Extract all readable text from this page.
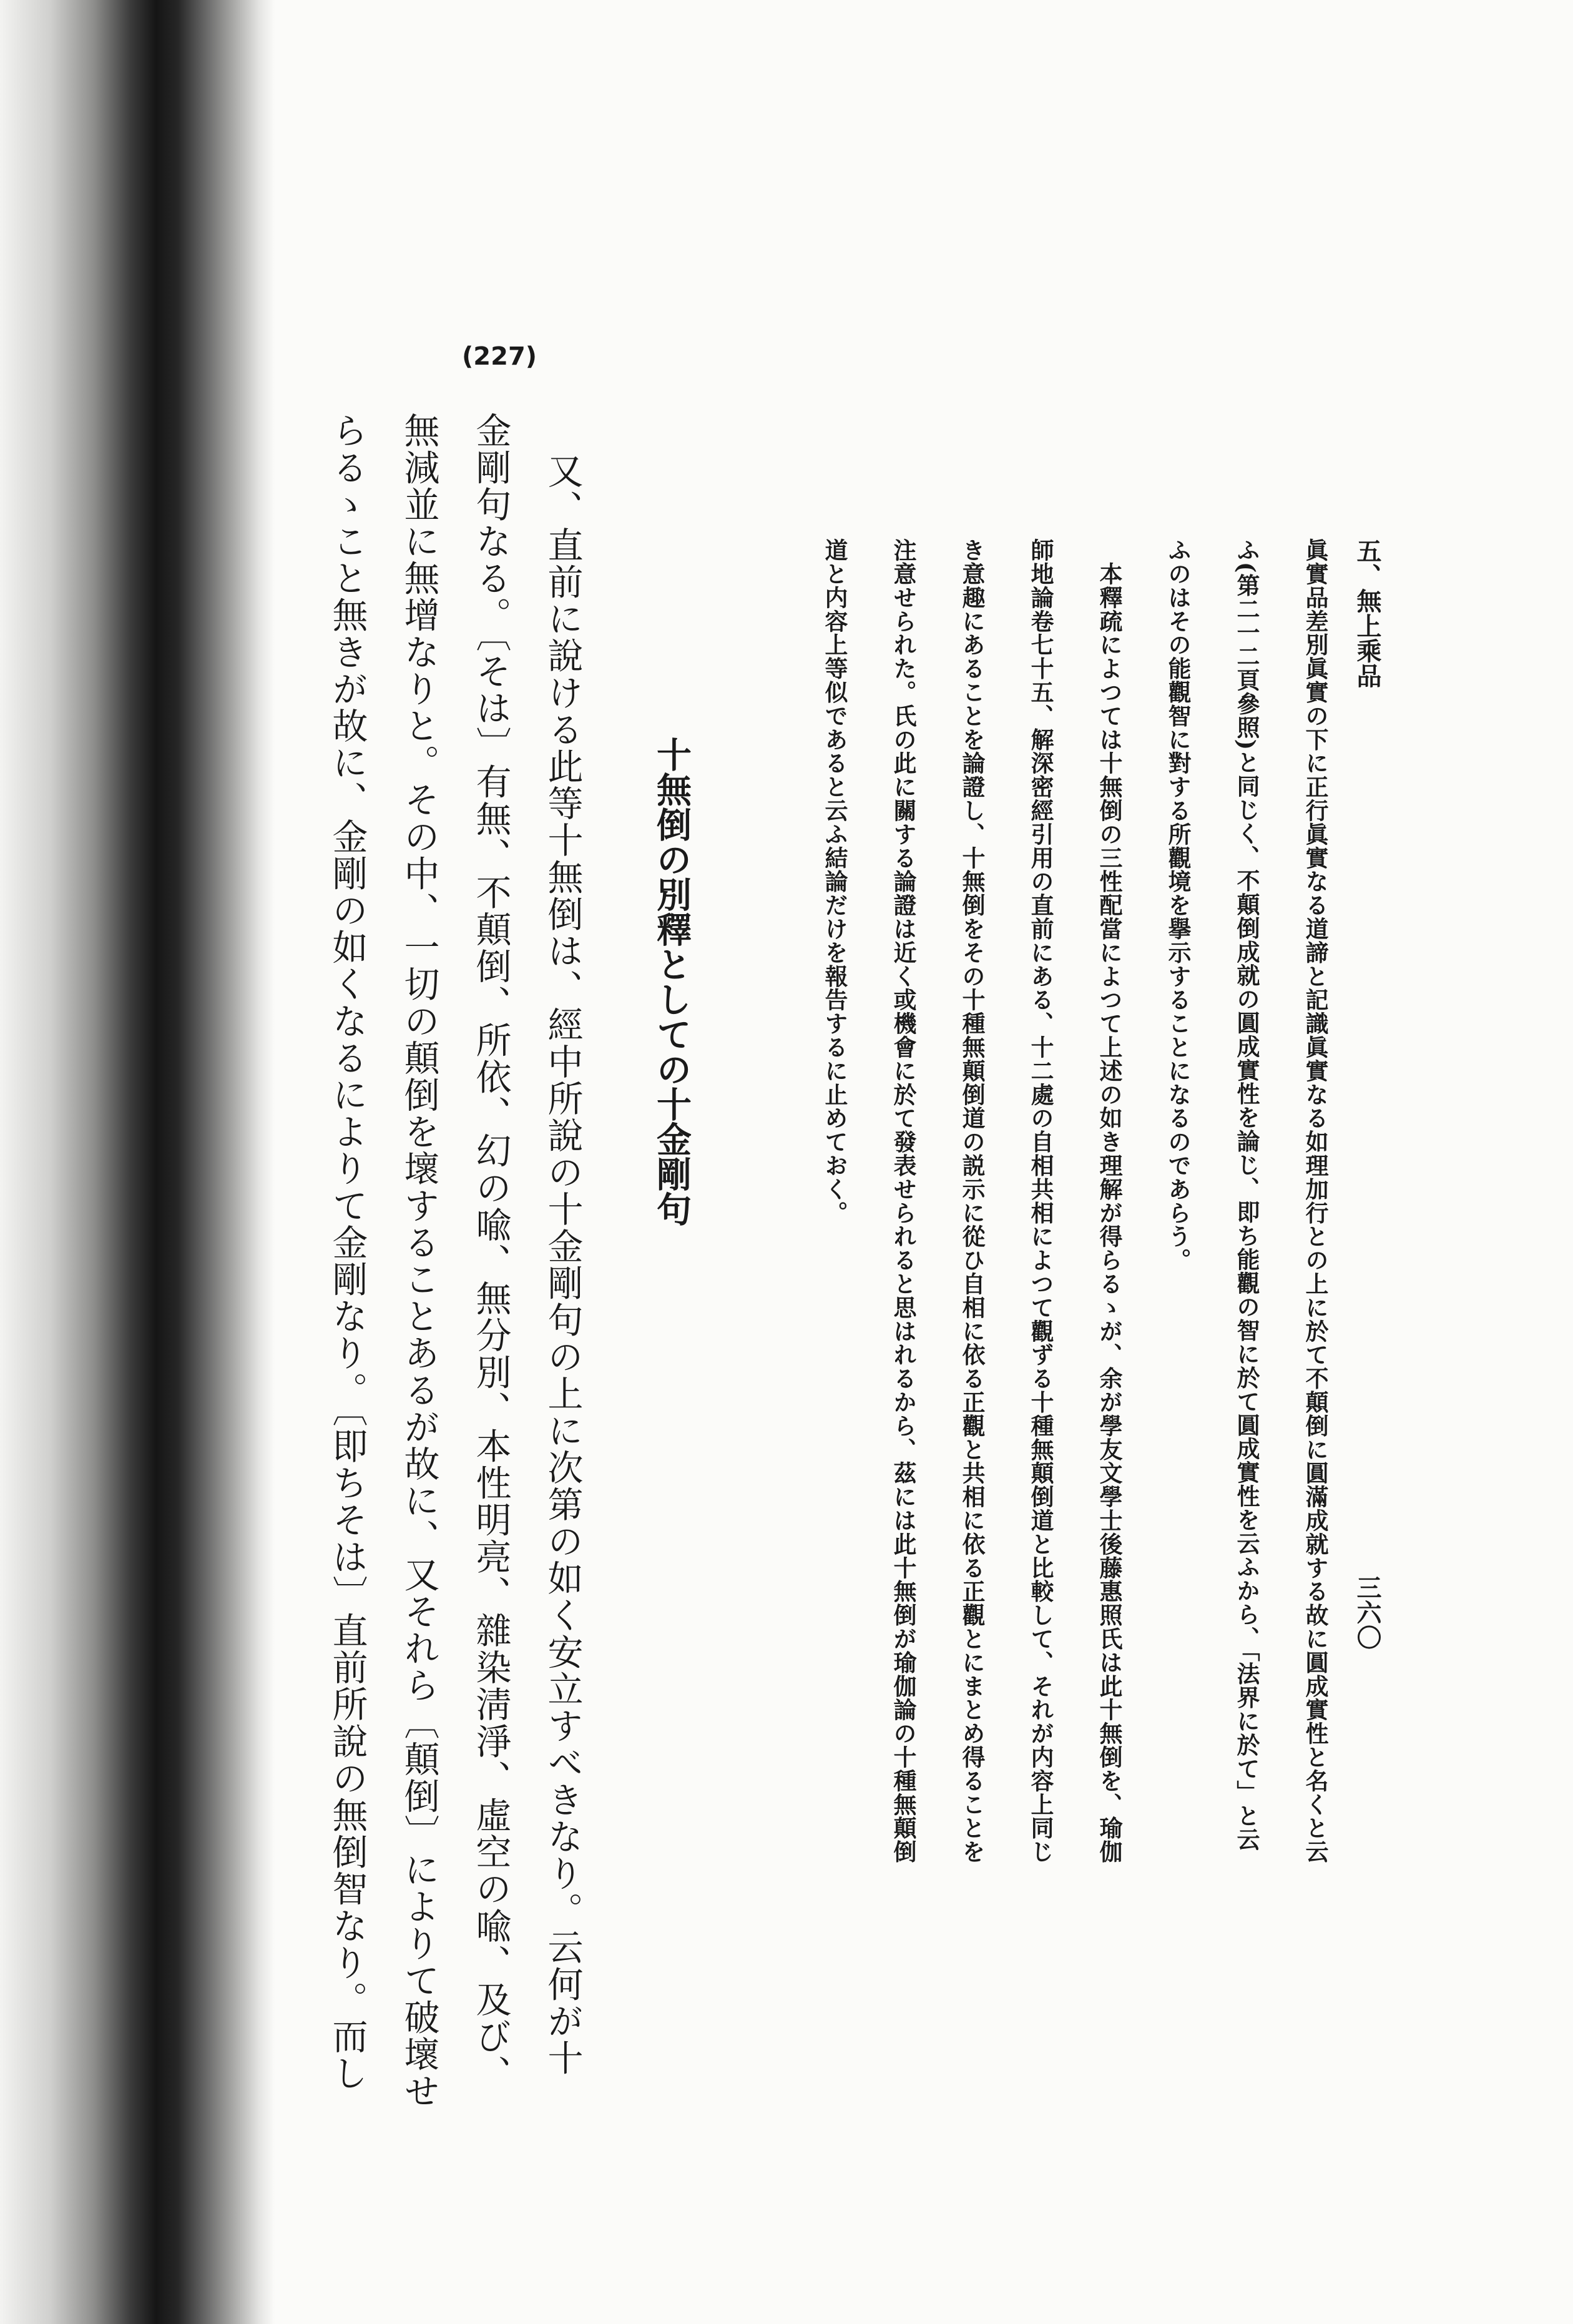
五、無上乘品

三六〇

眞實品差別眞實の下に正行眞實なる道諦と記識眞實なる如理加行との上に於て不顛倒に圓滿成就する故に圓成實性と名くと云

ふ(第二一二頁參照)と同じく、不顛倒成就の圓成實性を論じ、即ち能觀の智に於て圓成實性を云ふから、「法界に於て」と云

ふのはその能觀智に對する所觀境を擧示することになるのであらう。

　本釋疏によつては十無倒の三性配當によつて上述の如き理解が得らるゝが、余が學友文學士後藤惠照氏は此十無倒を、瑜伽

師地論卷七十五、解深密經引用の直前にある、十二處の自相共相によつて觀ずる十種無顛倒道と比較して、それが内容上同じ

き意趣にあることを論證し、十無倒をその十種無顛倒道の説示に從ひ自相に依る正觀と共相に依る正觀とにまとめ得ることを

注意せられた。氏の此に關する論證は近く或機會に於て發表せられると思はれるから、茲には此十無倒が瑜伽論の十種無顛倒

道と内容上等似であると云ふ結論だけを報告するに止めておく。

十無倒の別釋としての十金剛句

(227)

又、直前に說ける此等十無倒は、經中所說の十金剛句の上に次第の如く安立すべきなり。云何が十

金剛句なる。〔そは〕有無、不顛倒、所依、幻の喩、無分別、本性明亮、雜染淸淨、虛空の喩、及び、

無減並に無增なりと。その中、一切の顛倒を壞することあるが故に、又それら〔顛倒〕によりて破壞せ

らるゝこと無きが故に、金剛の如くなるによりて金剛なり。〔即ちそは〕直前所說の無倒智なり。而し
